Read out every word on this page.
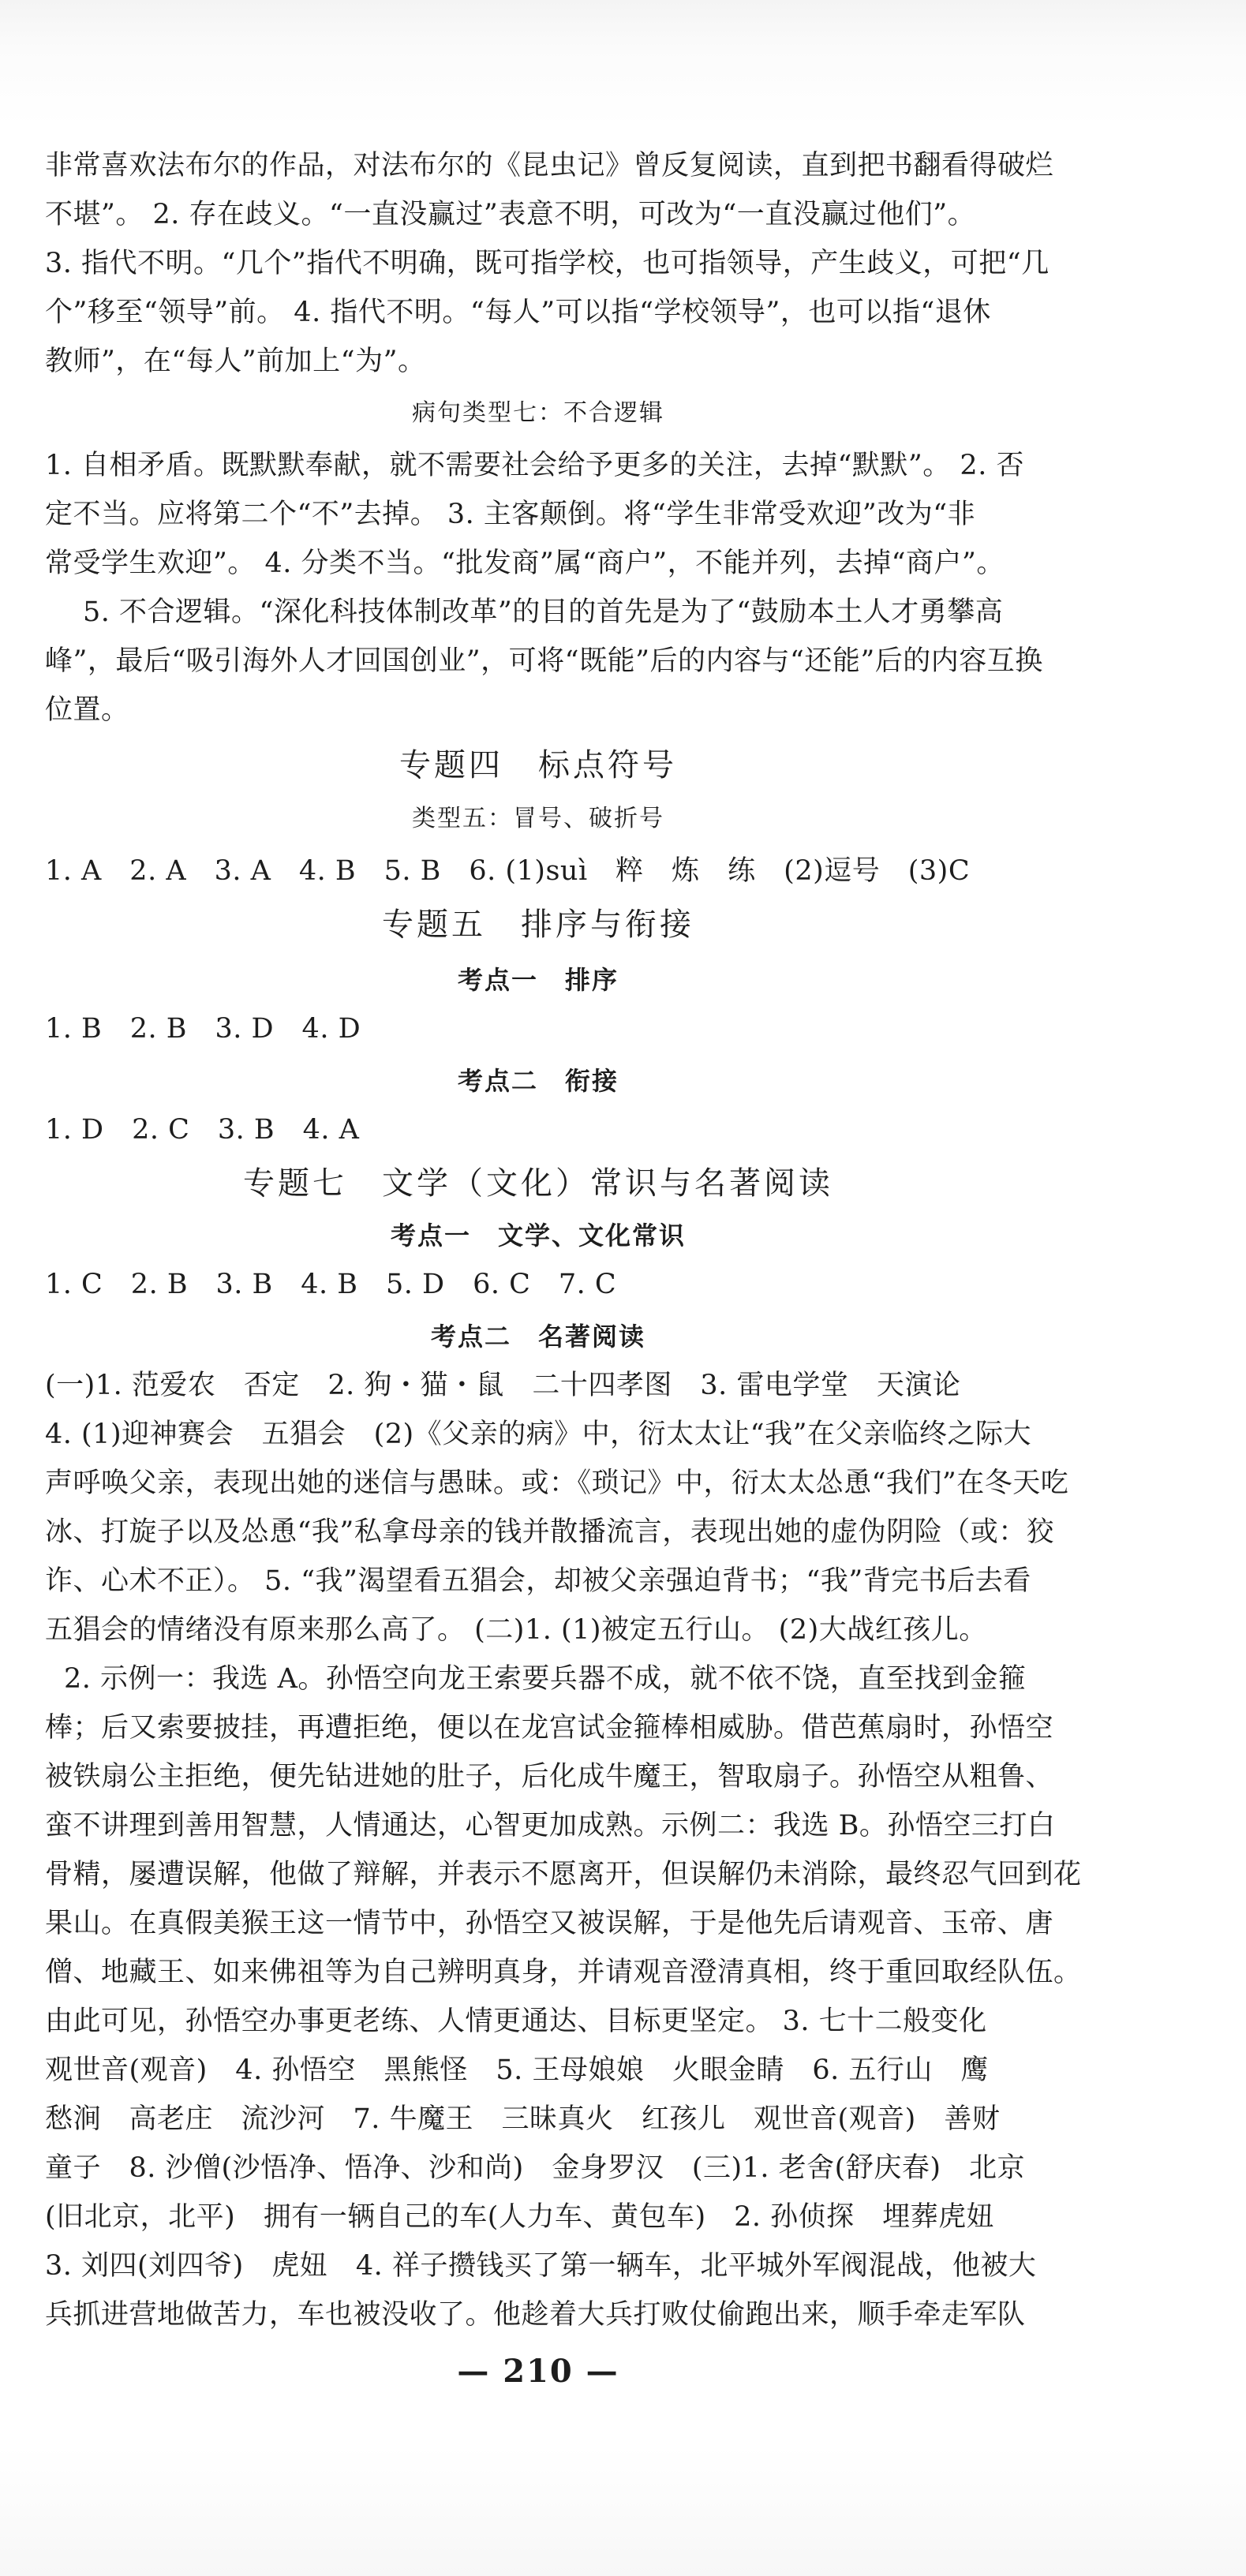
非常喜欢法布尔的作品，对法布尔的《昆虫记》曾反复阅读，直到把书翻看得破烂
不堪”。 2. 存在歧义。“一直没赢过”表意不明，可改为“一直没赢过他们”。
3. 指代不明。“几个”指代不明确，既可指学校，也可指领导，产生歧义，可把“几
个”移至“领导”前。 4. 指代不明。“每人”可以指“学校领导”，也可以指“退休
教师”，在“每人”前加上“为”。
病句类型七：不合逻辑
1. 自相矛盾。既默默奉献，就不需要社会给予更多的关注，去掉“默默”。 2. 否
定不当。应将第二个“不”去掉。 3. 主客颠倒。将“学生非常受欢迎”改为“非
常受学生欢迎”。 4. 分类不当。“批发商”属“商户”，不能并列，去掉“商户”。
5. 不合逻辑。“深化科技体制改革”的目的首先是为了“鼓励本土人才勇攀高
峰”，最后“吸引海外人才回国创业”，可将“既能”后的内容与“还能”后的内容互换
位置。
专题四　标点符号
类型五：冒号、破折号
1. A　2. A　3. A　4. B　5. B　6. (1)suì　粹　炼　练　(2)逗号　(3)C
专题五　排序与衔接
考点一　排序
1. B　2. B　3. D　4. D
考点二　衔接
1. D　2. C　3. B　4. A
专题七　文学（文化）常识与名著阅读
考点一　文学、文化常识
1. C　2. B　3. B　4. B　5. D　6. C　7. C
考点二　名著阅读
(一)1. 范爱农　否定　2. 狗・猫・鼠　二十四孝图　3. 雷电学堂　天演论
4. (1)迎神赛会　五猖会　(2)《父亲的病》中，衍太太让“我”在父亲临终之际大
声呼唤父亲，表现出她的迷信与愚昧。或：《琐记》中，衍太太怂恿“我们”在冬天吃
冰、打旋子以及怂恿“我”私拿母亲的钱并散播流言，表现出她的虚伪阴险（或：狡
诈、心术不正）。 5. “我”渴望看五猖会，却被父亲强迫背书；“我”背完书后去看
五猖会的情绪没有原来那么高了。 (二)1. (1)被定五行山。 (2)大战红孩儿。
2. 示例一：我选 A。孙悟空向龙王索要兵器不成，就不依不饶，直至找到金箍
棒；后又索要披挂，再遭拒绝，便以在龙宫试金箍棒相威胁。借芭蕉扇时，孙悟空
被铁扇公主拒绝，便先钻进她的肚子，后化成牛魔王，智取扇子。孙悟空从粗鲁、
蛮不讲理到善用智慧，人情通达，心智更加成熟。示例二：我选 B。孙悟空三打白
骨精，屡遭误解，他做了辩解，并表示不愿离开，但误解仍未消除，最终忍气回到花
果山。在真假美猴王这一情节中，孙悟空又被误解，于是他先后请观音、玉帝、唐
僧、地藏王、如来佛祖等为自己辨明真身，并请观音澄清真相，终于重回取经队伍。
由此可见，孙悟空办事更老练、人情更通达、目标更坚定。 3. 七十二般变化
观世音(观音)　4. 孙悟空　黑熊怪　5. 王母娘娘　火眼金睛　6. 五行山　鹰
愁涧　高老庄　流沙河　7. 牛魔王　三昧真火　红孩儿　观世音(观音)　善财
童子　8. 沙僧(沙悟净、悟净、沙和尚)　金身罗汉　(三)1. 老舍(舒庆春)　北京
(旧北京，北平)　拥有一辆自己的车(人力车、黄包车)　2. 孙侦探　埋葬虎妞
3. 刘四(刘四爷)　虎妞　4. 祥子攒钱买了第一辆车，北平城外军阀混战，他被大
兵抓进营地做苦力，车也被没收了。他趁着大兵打败仗偷跑出来，顺手牵走军队
— 210 —
